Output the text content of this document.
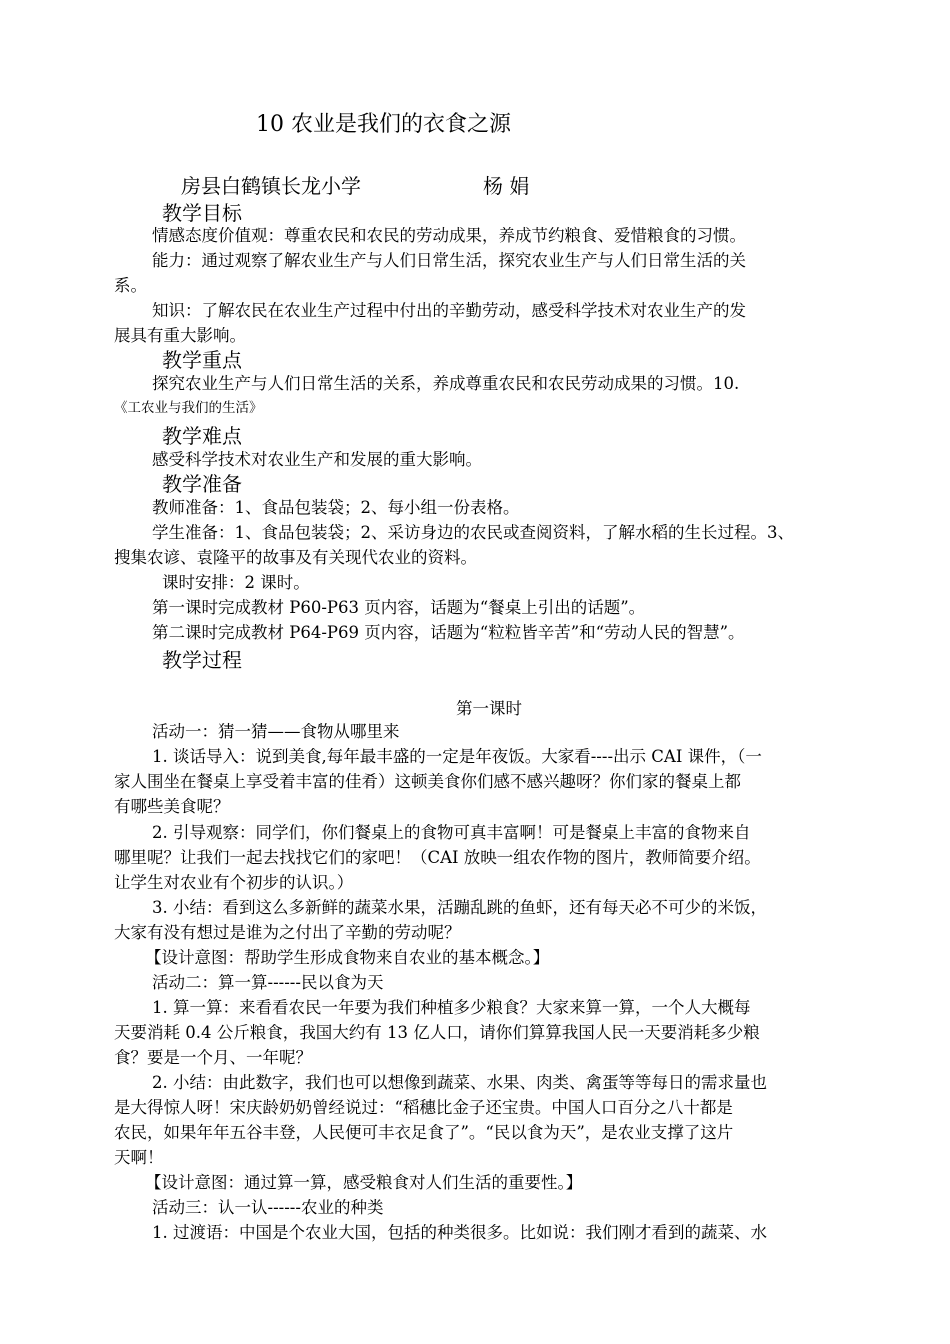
10 农业是我们的衣食之源
房县白鹤镇长龙小学	杨 娟
教学目标
情感态度价值观：尊重农民和农民的劳动成果，养成节约粮食、爱惜粮食的习惯。
能力：通过观察了解农业生产与人们日常生活，探究农业生产与人们日常生活的关
系。
知识：了解农民在农业生产过程中付出的辛勤劳动，感受科学技术对农业生产的发
展具有重大影响。
教学重点
探究农业生产与人们日常生活的关系，养成尊重农民和农民劳动成果的习惯。10.
《工农业与我们的生活》
教学难点
感受科学技术对农业生产和发展的重大影响。
教学准备
教师准备：1、食品包装袋；2、每小组一份表格。
学生准备：1、食品包装袋；2、采访身边的农民或查阅资料，了解水稻的生长过程。3、
搜集农谚、袁隆平的故事及有关现代农业的资料。
课时安排：2 课时。
第一课时完成教材 P60-P63 页内容，话题为“餐桌上引出的话题”。
第二课时完成教材 P64-P69 页内容，话题为“粒粒皆辛苦”和“劳动人民的智慧”。
教学过程
第一课时
活动一：猜一猜——食物从哪里来
1. 谈话导入：说到美食,每年最丰盛的一定是年夜饭。大家看----出示 CAI 课件，（一
家人围坐在餐桌上享受着丰富的佳肴）这顿美食你们感不感兴趣呀？你们家的餐桌上都
有哪些美食呢？
2. 引导观察：同学们，你们餐桌上的食物可真丰富啊！可是餐桌上丰富的食物来自
哪里呢？让我们一起去找找它们的家吧！（CAI 放映一组农作物的图片，教师简要介绍。
让学生对农业有个初步的认识。）
3. 小结：看到这么多新鲜的蔬菜水果，活蹦乱跳的鱼虾，还有每天必不可少的米饭，
大家有没有想过是谁为之付出了辛勤的劳动呢？
【设计意图：帮助学生形成食物来自农业的基本概念。】
活动二：算一算------民以食为天
1. 算一算：来看看农民一年要为我们种植多少粮食？大家来算一算，一个人大概每
天要消耗 0.4 公斤粮食，我国大约有 13 亿人口，请你们算算我国人民一天要消耗多少粮
食？要是一个月、一年呢？
2. 小结：由此数字，我们也可以想像到蔬菜、水果、肉类、禽蛋等等每日的需求量也
是大得惊人呀！宋庆龄奶奶曾经说过：“稻穗比金子还宝贵。中国人口百分之八十都是
农民，如果年年五谷丰登，人民便可丰衣足食了”。“民以食为天”，是农业支撑了这片
天啊！
【设计意图：通过算一算，感受粮食对人们生活的重要性。】
活动三：认一认------农业的种类
1. 过渡语：中国是个农业大国，包括的种类很多。比如说：我们刚才看到的蔬菜、水
